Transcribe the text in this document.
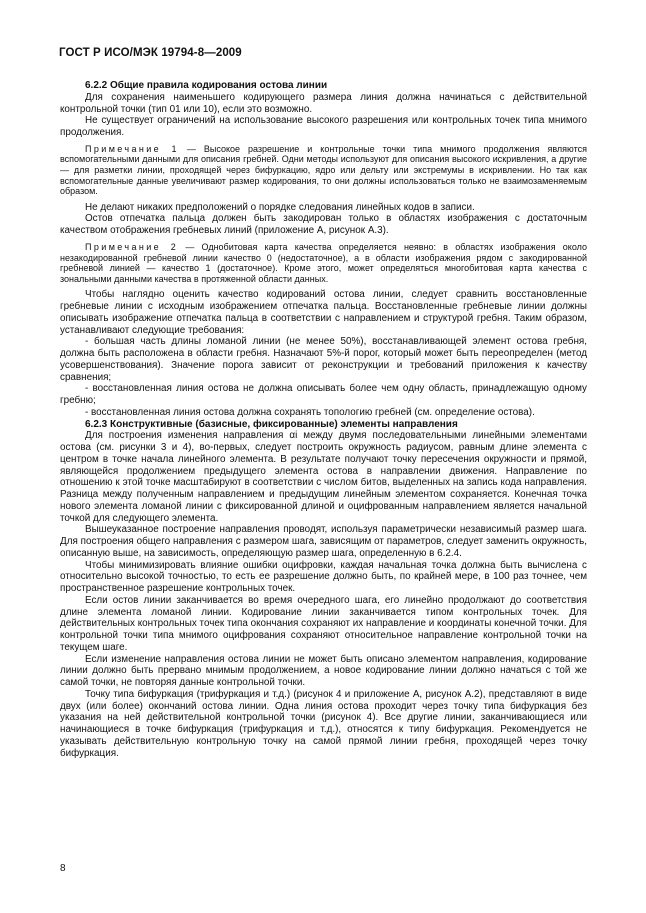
ГОСТ Р ИСО/МЭК 19794-8—2009

6.2.2 Общие правила кодирования остова линии

Для сохранения наименьшего кодирующего размера линия должна начинаться с действительной контрольной точки (тип 01 или 10), если это возможно.

Не существует ограничений на использование высокого разрешения или контрольных точек типа мнимого продолжения.

Примечание 1 — Высокое разрешение и контрольные точки типа мнимого продолжения являются вспомогательными данными для описания гребней. Одни методы используют для описания высокого искривления, а другие — для разметки линии, проходящей через бифуркацию, ядро или дельту или экстремумы в искривлении. Но так как вспомогательные данные увеличивают размер кодирования, то они должны использоваться только не взаимозаменяемым образом.

Не делают никаких предположений о порядке следования линейных кодов в записи.

Остов отпечатка пальца должен быть закодирован только в областях изображения с достаточным качеством отображения гребневых линий (приложение А, рисунок А.3).

Примечание 2 — Однобитовая карта качества определяется неявно: в областях изображения около незакодированной гребневой линии качество 0 (недостаточное), а в области изображения рядом с закодированной гребневой линией — качество 1 (достаточное). Кроме этого, может определяться многобитовая карта качества с зональными данными качества в протяженной области данных.

Чтобы наглядно оценить качество кодирований остова линии, следует сравнить восстановленные гребневые линии с исходным изображением отпечатка пальца. Восстановленные гребневые линии должны описывать изображение отпечатка пальца в соответствии с направлением и структурой гребня. Таким образом, устанавливают следующие требования:

- большая часть длины ломаной линии (не менее 50%), восстанавливающей элемент остова гребня, должна быть расположена в области гребня. Назначают 5%-й порог, который может быть переопределен (метод усовершенствования). Значение порога зависит от реконструкции и требований приложения к качеству сравнения;

- восстановленная линия остова не должна описывать более чем одну область, принадлежащую одному гребню;

- восстановленная линия остова должна сохранять топологию гребней (см. определение остова).

6.2.3 Конструктивные (базисные, фиксированные) элементы направления

Для построения изменения направления αi между двумя последовательными линейными элементами остова (см. рисунки 3 и 4), во-первых, следует построить окружность радиусом, равным длине элемента с центром в точке начала линейного элемента. В результате получают точку пересечения окружности и прямой, являющейся продолжением предыдущего элемента остова в направлении движения. Направление по отношению к этой точке масштабируют в соответствии с числом битов, выделенных на запись кода направления. Разница между полученным направлением и предыдущим линейным элементом сохраняется. Конечная точка нового элемента ломаной линии с фиксированной длиной и оцифрованным направлением является начальной точкой для следующего элемента.

Вышеуказанное построение направления проводят, используя параметрически независимый размер шага. Для построения общего направления с размером шага, зависящим от параметров, следует заменить окружность, описанную выше, на зависимость, определяющую размер шага, определенную в 6.2.4.

Чтобы минимизировать влияние ошибки оцифровки, каждая начальная точка должна быть вычислена с относительно высокой точностью, то есть ее разрешение должно быть, по крайней мере, в 100 раз точнее, чем пространственное разрешение контрольных точек.

Если остов линии заканчивается во время очередного шага, его линейно продолжают до соответствия длине элемента ломаной линии. Кодирование линии заканчивается типом контрольных точек. Для действительных контрольных точек типа окончания сохраняют их направление и координаты конечной точки. Для контрольной точки типа мнимого оцифрования сохраняют относительное направление контрольной точки на текущем шаге.

Если изменение направления остова линии не может быть описано элементом направления, кодирование линии должно быть прервано мнимым продолжением, а новое кодирование линии должно начаться с той же самой точки, не повторяя данные контрольной точки.

Точку типа бифуркация (трифуркация и т.д.) (рисунок 4 и приложение А, рисунок А.2), представляют в виде двух (или более) окончаний остова линии. Одна линия остова проходит через точку типа бифуркация без указания на ней действительной контрольной точки (рисунок 4). Все другие линии, заканчивающиеся или начинающиеся в точке бифуркация (трифуркация и т.д.), относятся к типу бифуркация. Рекомендуется не указывать действительную контрольную точку на самой прямой линии гребня, проходящей через точку бифуркация.

8
